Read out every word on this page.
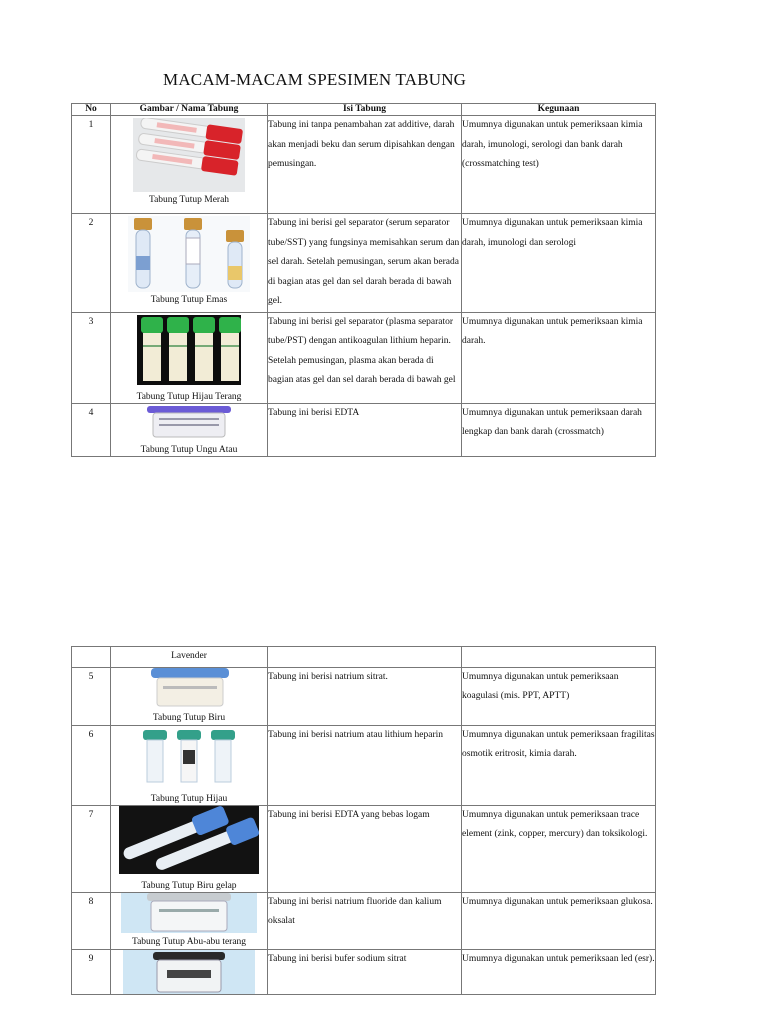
MACAM-MACAM SPESIMEN TABUNG
No	Gambar / Nama Tabung	Isi Tabung	Kegunaan
1	Tabung Tutup Merah	Tabung ini tanpa penambahan zat additive, darah akan menjadi beku dan serum dipisahkan dengan pemusingan.	Umumnya digunakan untuk pemeriksaan kimia darah, imunologi, serologi dan bank darah (crossmatching test)
2	Tabung Tutup Emas	Tabung ini berisi gel separator (serum separator tube/SST) yang fungsinya memisahkan serum dan sel darah. Setelah pemusingan, serum akan berada di bagian atas gel dan sel darah berada di bawah gel.	Umumnya digunakan untuk pemeriksaan kimia darah, imunologi dan serologi
3	Tabung Tutup Hijau Terang	Tabung ini berisi gel separator (plasma separator tube/PST) dengan antikoagulan lithium heparin. Setelah pemusingan, plasma akan berada di bagian atas gel dan sel darah berada di bawah gel	Umumnya digunakan untuk pemeriksaan kimia darah.
4	Tabung Tutup Ungu Atau	Tabung ini berisi EDTA	Umumnya digunakan untuk pemeriksaan darah lengkap dan bank darah (crossmatch)
	Lavender		
5	Tabung Tutup Biru	Tabung ini berisi natrium sitrat.	Umumnya digunakan untuk pemeriksaan koagulasi (mis. PPT, APTT)
6	Tabung Tutup Hijau	Tabung ini berisi natrium atau lithium heparin	Umumnya digunakan untuk pemeriksaan fragilitas osmotik eritrosit, kimia darah.
7	Tabung Tutup Biru gelap	Tabung ini berisi EDTA yang bebas logam	Umumnya digunakan untuk pemeriksaan trace element (zink, copper, mercury) dan toksikologi.
8	Tabung Tutup Abu-abu terang	Tabung ini berisi natrium fluoride dan kalium oksalat	Umumnya digunakan untuk pemeriksaan glukosa.
9		Tabung ini berisi bufer sodium sitrat	Umumnya digunakan untuk pemeriksaan led (esr).
